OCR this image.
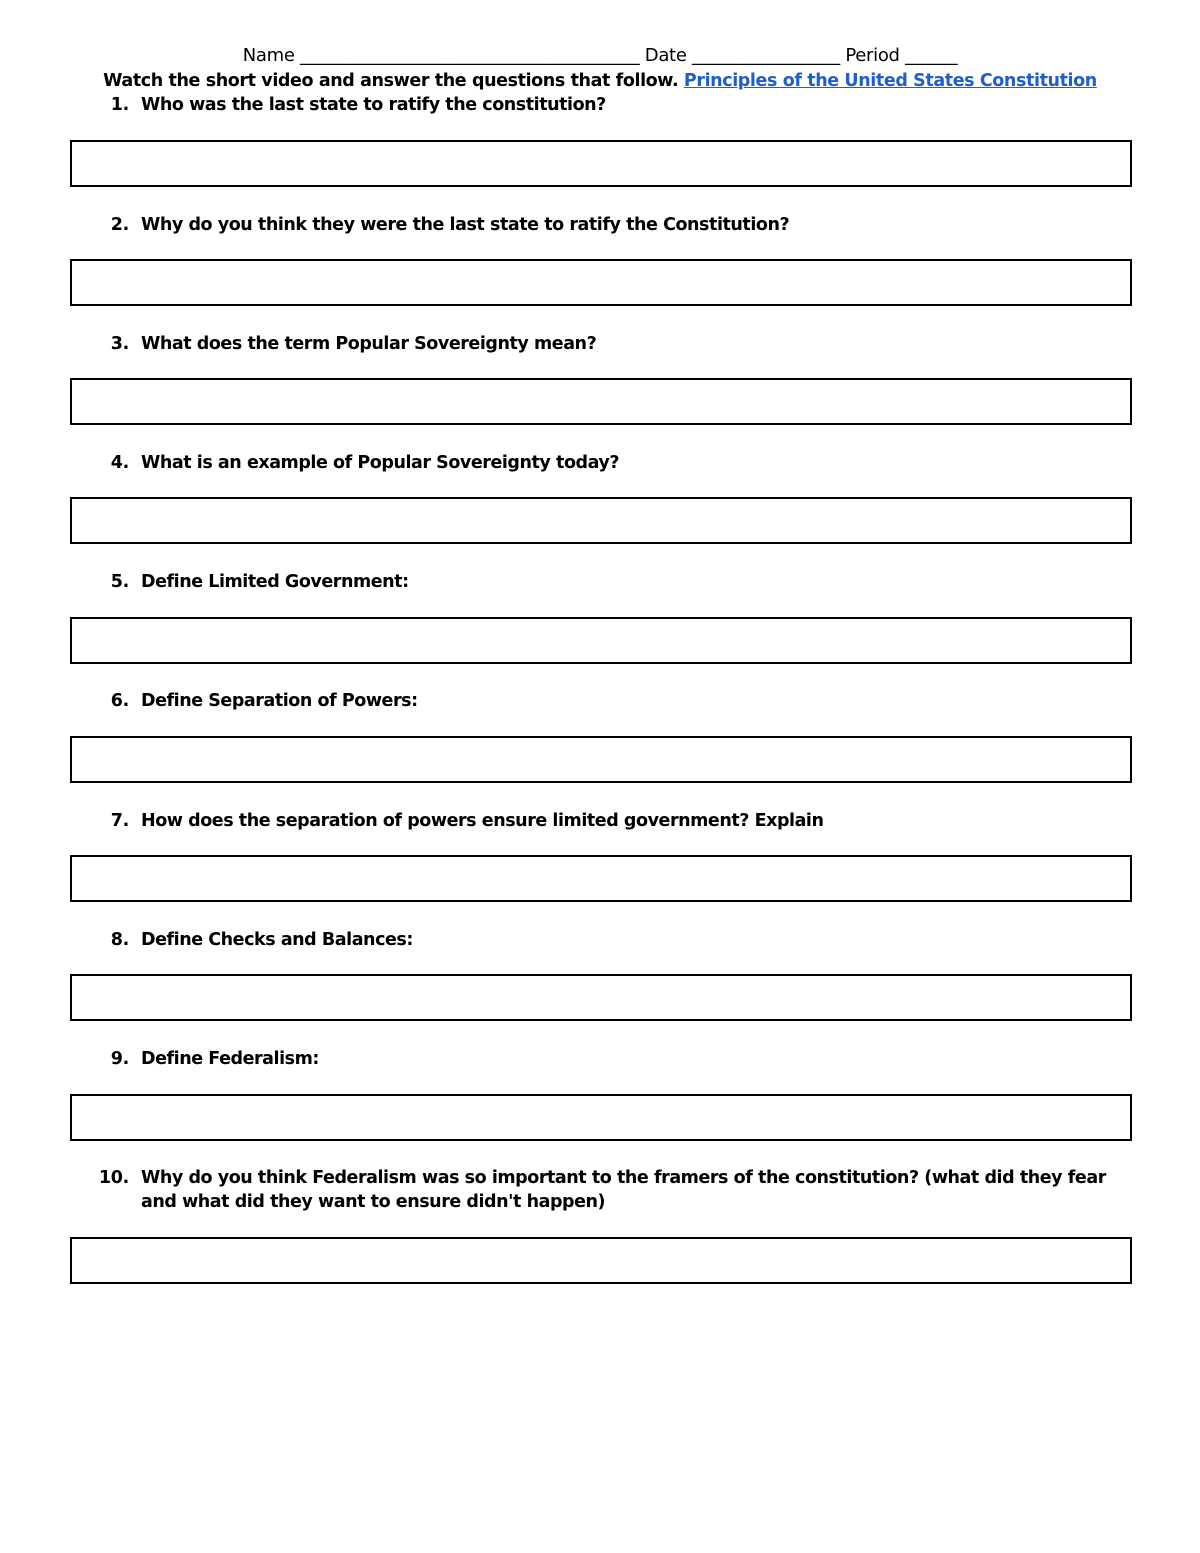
Name _______________________________________ Date _________________ Period ______
Watch the short video and answer the questions that follow. Principles of the United States Constitution
1. Who was the last state to ratify the constitution?
2. Why do you think they were the last state to ratify the Constitution?
3. What does the term Popular Sovereignty mean?
4. What is an example of Popular Sovereignty today?
5. Define Limited Government:
6. Define Separation of Powers:
7. How does the separation of powers ensure limited government? Explain
8. Define Checks and Balances:
9. Define Federalism:
10. Why do you think Federalism was so important to the framers of the constitution? (what did they fear and what did they want to ensure didn't happen)
